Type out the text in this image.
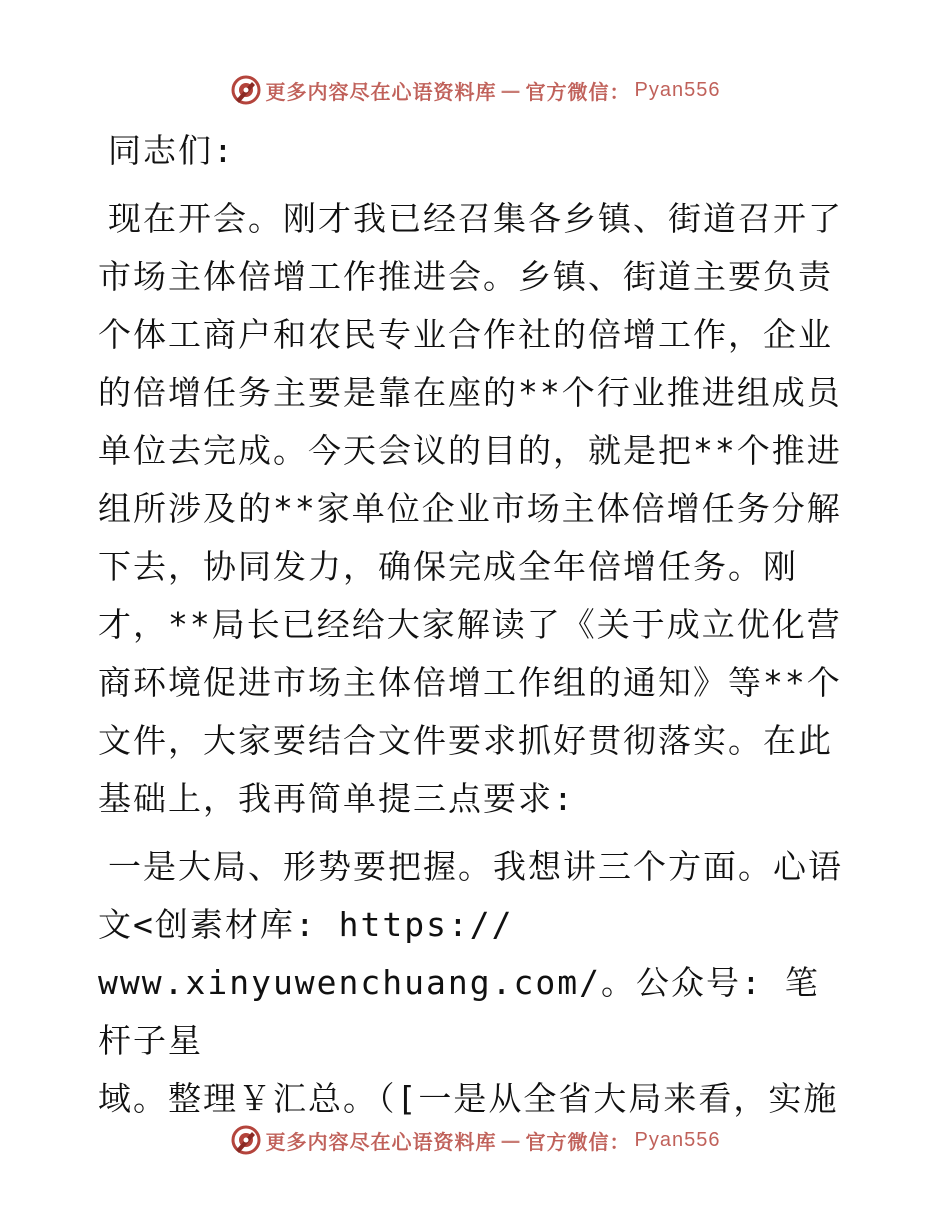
更多内容尽在心语资料库 — 官方微信： Pyan556

同志们:

现在开会。刚才我已经召集各乡镇、街道召开了市场主体倍增工作推进会。乡镇、街道主要负责个体工商户和农民专业合作社的倍增工作，企业的倍增任务主要是靠在座的**个行业推进组成员单位去完成。今天会议的目的，就是把**个推进组所涉及的**家单位企业市场主体倍增任务分解下去，协同发力，确保完成全年倍增任务。刚才，**局长已经给大家解读了《关于成立优化营商环境促进市场主体倍增工作组的通知》等**个文件，大家要结合文件要求抓好贯彻落实。在此基础上，我再简单提三点要求:

一是大局、形势要把握。我想讲三个方面。心语文<创素材库: https://

www.xinyuwenchuang.com/。公众号: 笔杆子星

域。整理￥汇总。（[一是从全省大局来看，实施

更多内容尽在心语资料库 — 官方微信： Pyan556
